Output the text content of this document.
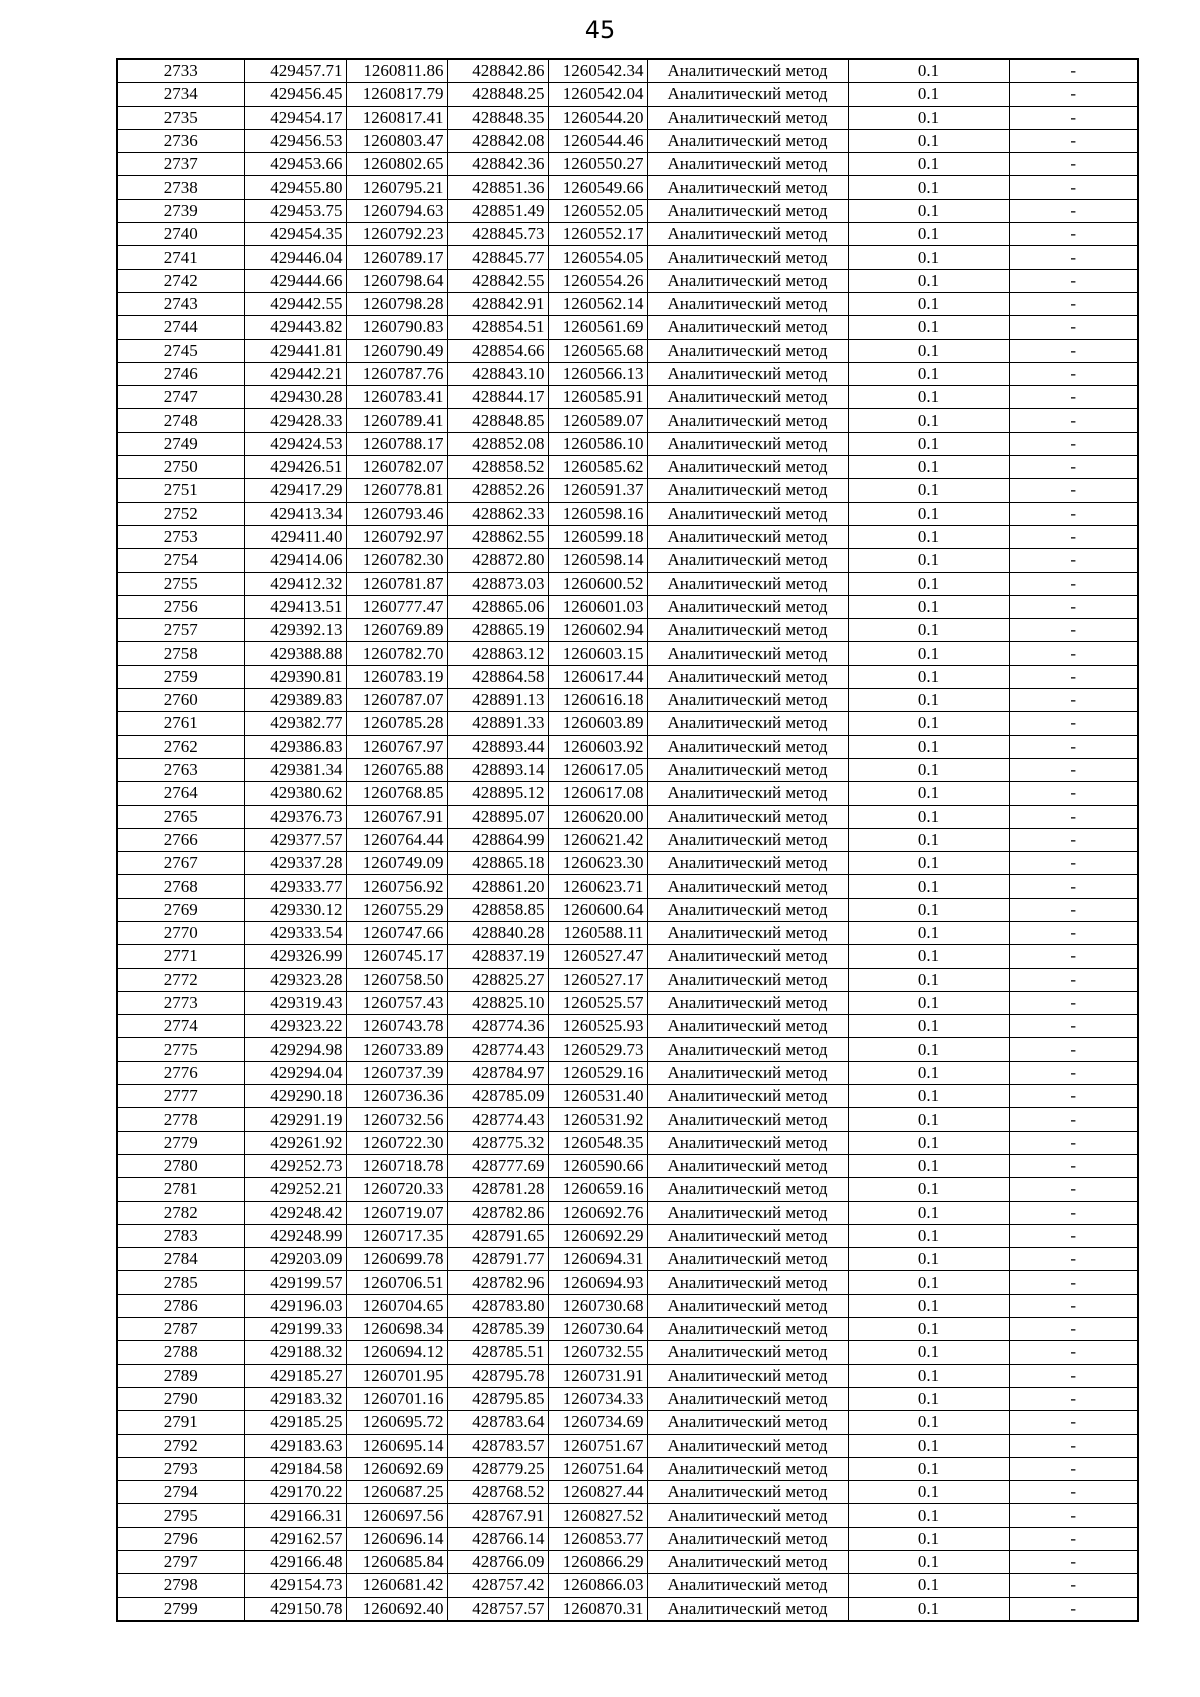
45
2733	429457.71	1260811.86	428842.86	1260542.34	Аналитический метод	0.1	-
2734	429456.45	1260817.79	428848.25	1260542.04	Аналитический метод	0.1	-
2735	429454.17	1260817.41	428848.35	1260544.20	Аналитический метод	0.1	-
2736	429456.53	1260803.47	428842.08	1260544.46	Аналитический метод	0.1	-
2737	429453.66	1260802.65	428842.36	1260550.27	Аналитический метод	0.1	-
2738	429455.80	1260795.21	428851.36	1260549.66	Аналитический метод	0.1	-
2739	429453.75	1260794.63	428851.49	1260552.05	Аналитический метод	0.1	-
2740	429454.35	1260792.23	428845.73	1260552.17	Аналитический метод	0.1	-
2741	429446.04	1260789.17	428845.77	1260554.05	Аналитический метод	0.1	-
2742	429444.66	1260798.64	428842.55	1260554.26	Аналитический метод	0.1	-
2743	429442.55	1260798.28	428842.91	1260562.14	Аналитический метод	0.1	-
2744	429443.82	1260790.83	428854.51	1260561.69	Аналитический метод	0.1	-
2745	429441.81	1260790.49	428854.66	1260565.68	Аналитический метод	0.1	-
2746	429442.21	1260787.76	428843.10	1260566.13	Аналитический метод	0.1	-
2747	429430.28	1260783.41	428844.17	1260585.91	Аналитический метод	0.1	-
2748	429428.33	1260789.41	428848.85	1260589.07	Аналитический метод	0.1	-
2749	429424.53	1260788.17	428852.08	1260586.10	Аналитический метод	0.1	-
2750	429426.51	1260782.07	428858.52	1260585.62	Аналитический метод	0.1	-
2751	429417.29	1260778.81	428852.26	1260591.37	Аналитический метод	0.1	-
2752	429413.34	1260793.46	428862.33	1260598.16	Аналитический метод	0.1	-
2753	429411.40	1260792.97	428862.55	1260599.18	Аналитический метод	0.1	-
2754	429414.06	1260782.30	428872.80	1260598.14	Аналитический метод	0.1	-
2755	429412.32	1260781.87	428873.03	1260600.52	Аналитический метод	0.1	-
2756	429413.51	1260777.47	428865.06	1260601.03	Аналитический метод	0.1	-
2757	429392.13	1260769.89	428865.19	1260602.94	Аналитический метод	0.1	-
2758	429388.88	1260782.70	428863.12	1260603.15	Аналитический метод	0.1	-
2759	429390.81	1260783.19	428864.58	1260617.44	Аналитический метод	0.1	-
2760	429389.83	1260787.07	428891.13	1260616.18	Аналитический метод	0.1	-
2761	429382.77	1260785.28	428891.33	1260603.89	Аналитический метод	0.1	-
2762	429386.83	1260767.97	428893.44	1260603.92	Аналитический метод	0.1	-
2763	429381.34	1260765.88	428893.14	1260617.05	Аналитический метод	0.1	-
2764	429380.62	1260768.85	428895.12	1260617.08	Аналитический метод	0.1	-
2765	429376.73	1260767.91	428895.07	1260620.00	Аналитический метод	0.1	-
2766	429377.57	1260764.44	428864.99	1260621.42	Аналитический метод	0.1	-
2767	429337.28	1260749.09	428865.18	1260623.30	Аналитический метод	0.1	-
2768	429333.77	1260756.92	428861.20	1260623.71	Аналитический метод	0.1	-
2769	429330.12	1260755.29	428858.85	1260600.64	Аналитический метод	0.1	-
2770	429333.54	1260747.66	428840.28	1260588.11	Аналитический метод	0.1	-
2771	429326.99	1260745.17	428837.19	1260527.47	Аналитический метод	0.1	-
2772	429323.28	1260758.50	428825.27	1260527.17	Аналитический метод	0.1	-
2773	429319.43	1260757.43	428825.10	1260525.57	Аналитический метод	0.1	-
2774	429323.22	1260743.78	428774.36	1260525.93	Аналитический метод	0.1	-
2775	429294.98	1260733.89	428774.43	1260529.73	Аналитический метод	0.1	-
2776	429294.04	1260737.39	428784.97	1260529.16	Аналитический метод	0.1	-
2777	429290.18	1260736.36	428785.09	1260531.40	Аналитический метод	0.1	-
2778	429291.19	1260732.56	428774.43	1260531.92	Аналитический метод	0.1	-
2779	429261.92	1260722.30	428775.32	1260548.35	Аналитический метод	0.1	-
2780	429252.73	1260718.78	428777.69	1260590.66	Аналитический метод	0.1	-
2781	429252.21	1260720.33	428781.28	1260659.16	Аналитический метод	0.1	-
2782	429248.42	1260719.07	428782.86	1260692.76	Аналитический метод	0.1	-
2783	429248.99	1260717.35	428791.65	1260692.29	Аналитический метод	0.1	-
2784	429203.09	1260699.78	428791.77	1260694.31	Аналитический метод	0.1	-
2785	429199.57	1260706.51	428782.96	1260694.93	Аналитический метод	0.1	-
2786	429196.03	1260704.65	428783.80	1260730.68	Аналитический метод	0.1	-
2787	429199.33	1260698.34	428785.39	1260730.64	Аналитический метод	0.1	-
2788	429188.32	1260694.12	428785.51	1260732.55	Аналитический метод	0.1	-
2789	429185.27	1260701.95	428795.78	1260731.91	Аналитический метод	0.1	-
2790	429183.32	1260701.16	428795.85	1260734.33	Аналитический метод	0.1	-
2791	429185.25	1260695.72	428783.64	1260734.69	Аналитический метод	0.1	-
2792	429183.63	1260695.14	428783.57	1260751.67	Аналитический метод	0.1	-
2793	429184.58	1260692.69	428779.25	1260751.64	Аналитический метод	0.1	-
2794	429170.22	1260687.25	428768.52	1260827.44	Аналитический метод	0.1	-
2795	429166.31	1260697.56	428767.91	1260827.52	Аналитический метод	0.1	-
2796	429162.57	1260696.14	428766.14	1260853.77	Аналитический метод	0.1	-
2797	429166.48	1260685.84	428766.09	1260866.29	Аналитический метод	0.1	-
2798	429154.73	1260681.42	428757.42	1260866.03	Аналитический метод	0.1	-
2799	429150.78	1260692.40	428757.57	1260870.31	Аналитический метод	0.1	-
